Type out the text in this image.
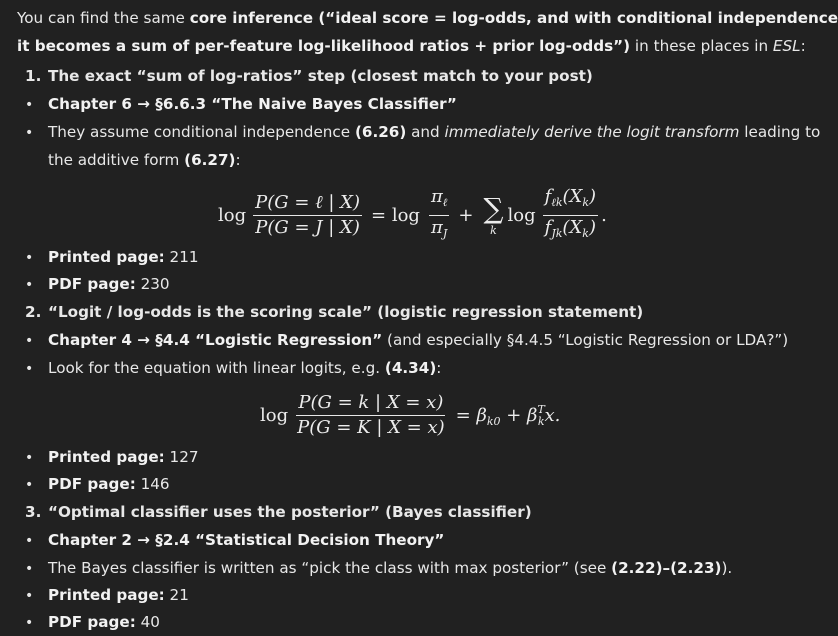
You can find the same core inference (“ideal score = log-odds, and with conditional independence
it becomes a sum of per-feature log-likelihood ratios + prior log-odds”) in these places in ESL:
1. The exact “sum of log-ratios” step (closest match to your post)
• Chapter 6 → §6.6.3 “The Naive Bayes Classifier”
• They assume conditional independence (6.26) and immediately derive the logit transform leading to
the additive form (6.27):
$\log \frac{\text{P(G = ℓ | X)}}{P(G = J | X)} = \log \frac{\pi_\ell}{\pi_J}$ + ∑
k
$\log \frac{f_{\ell k}(X_k)}{f_{Jk}(X_k)}$ .
• Printed page: 211
• PDF page: 230
2. “Logit / log-odds is the scoring scale” (logistic regression statement)
• Chapter 4 → §4.4 “Logistic Regression” (and especially §4.4.5 “Logistic Regression or LDA?”)
• Look for the equation with linear logits, e.g. (4.34):
$\log \frac{P(G = k | X = x)}{P(G = K | X = x)} = \beta_{k0} + \beta^T_kx$.
• Printed page: 127
• PDF page: 146
3. “Optimal classifier uses the posterior” (Bayes classifier)
• Chapter 2 → §2.4 “Statistical Decision Theory”
• The Bayes classifier is written as “pick the class with max posterior” (see (2.22)–(2.23)).
• Printed page: 21
• PDF page: 40
